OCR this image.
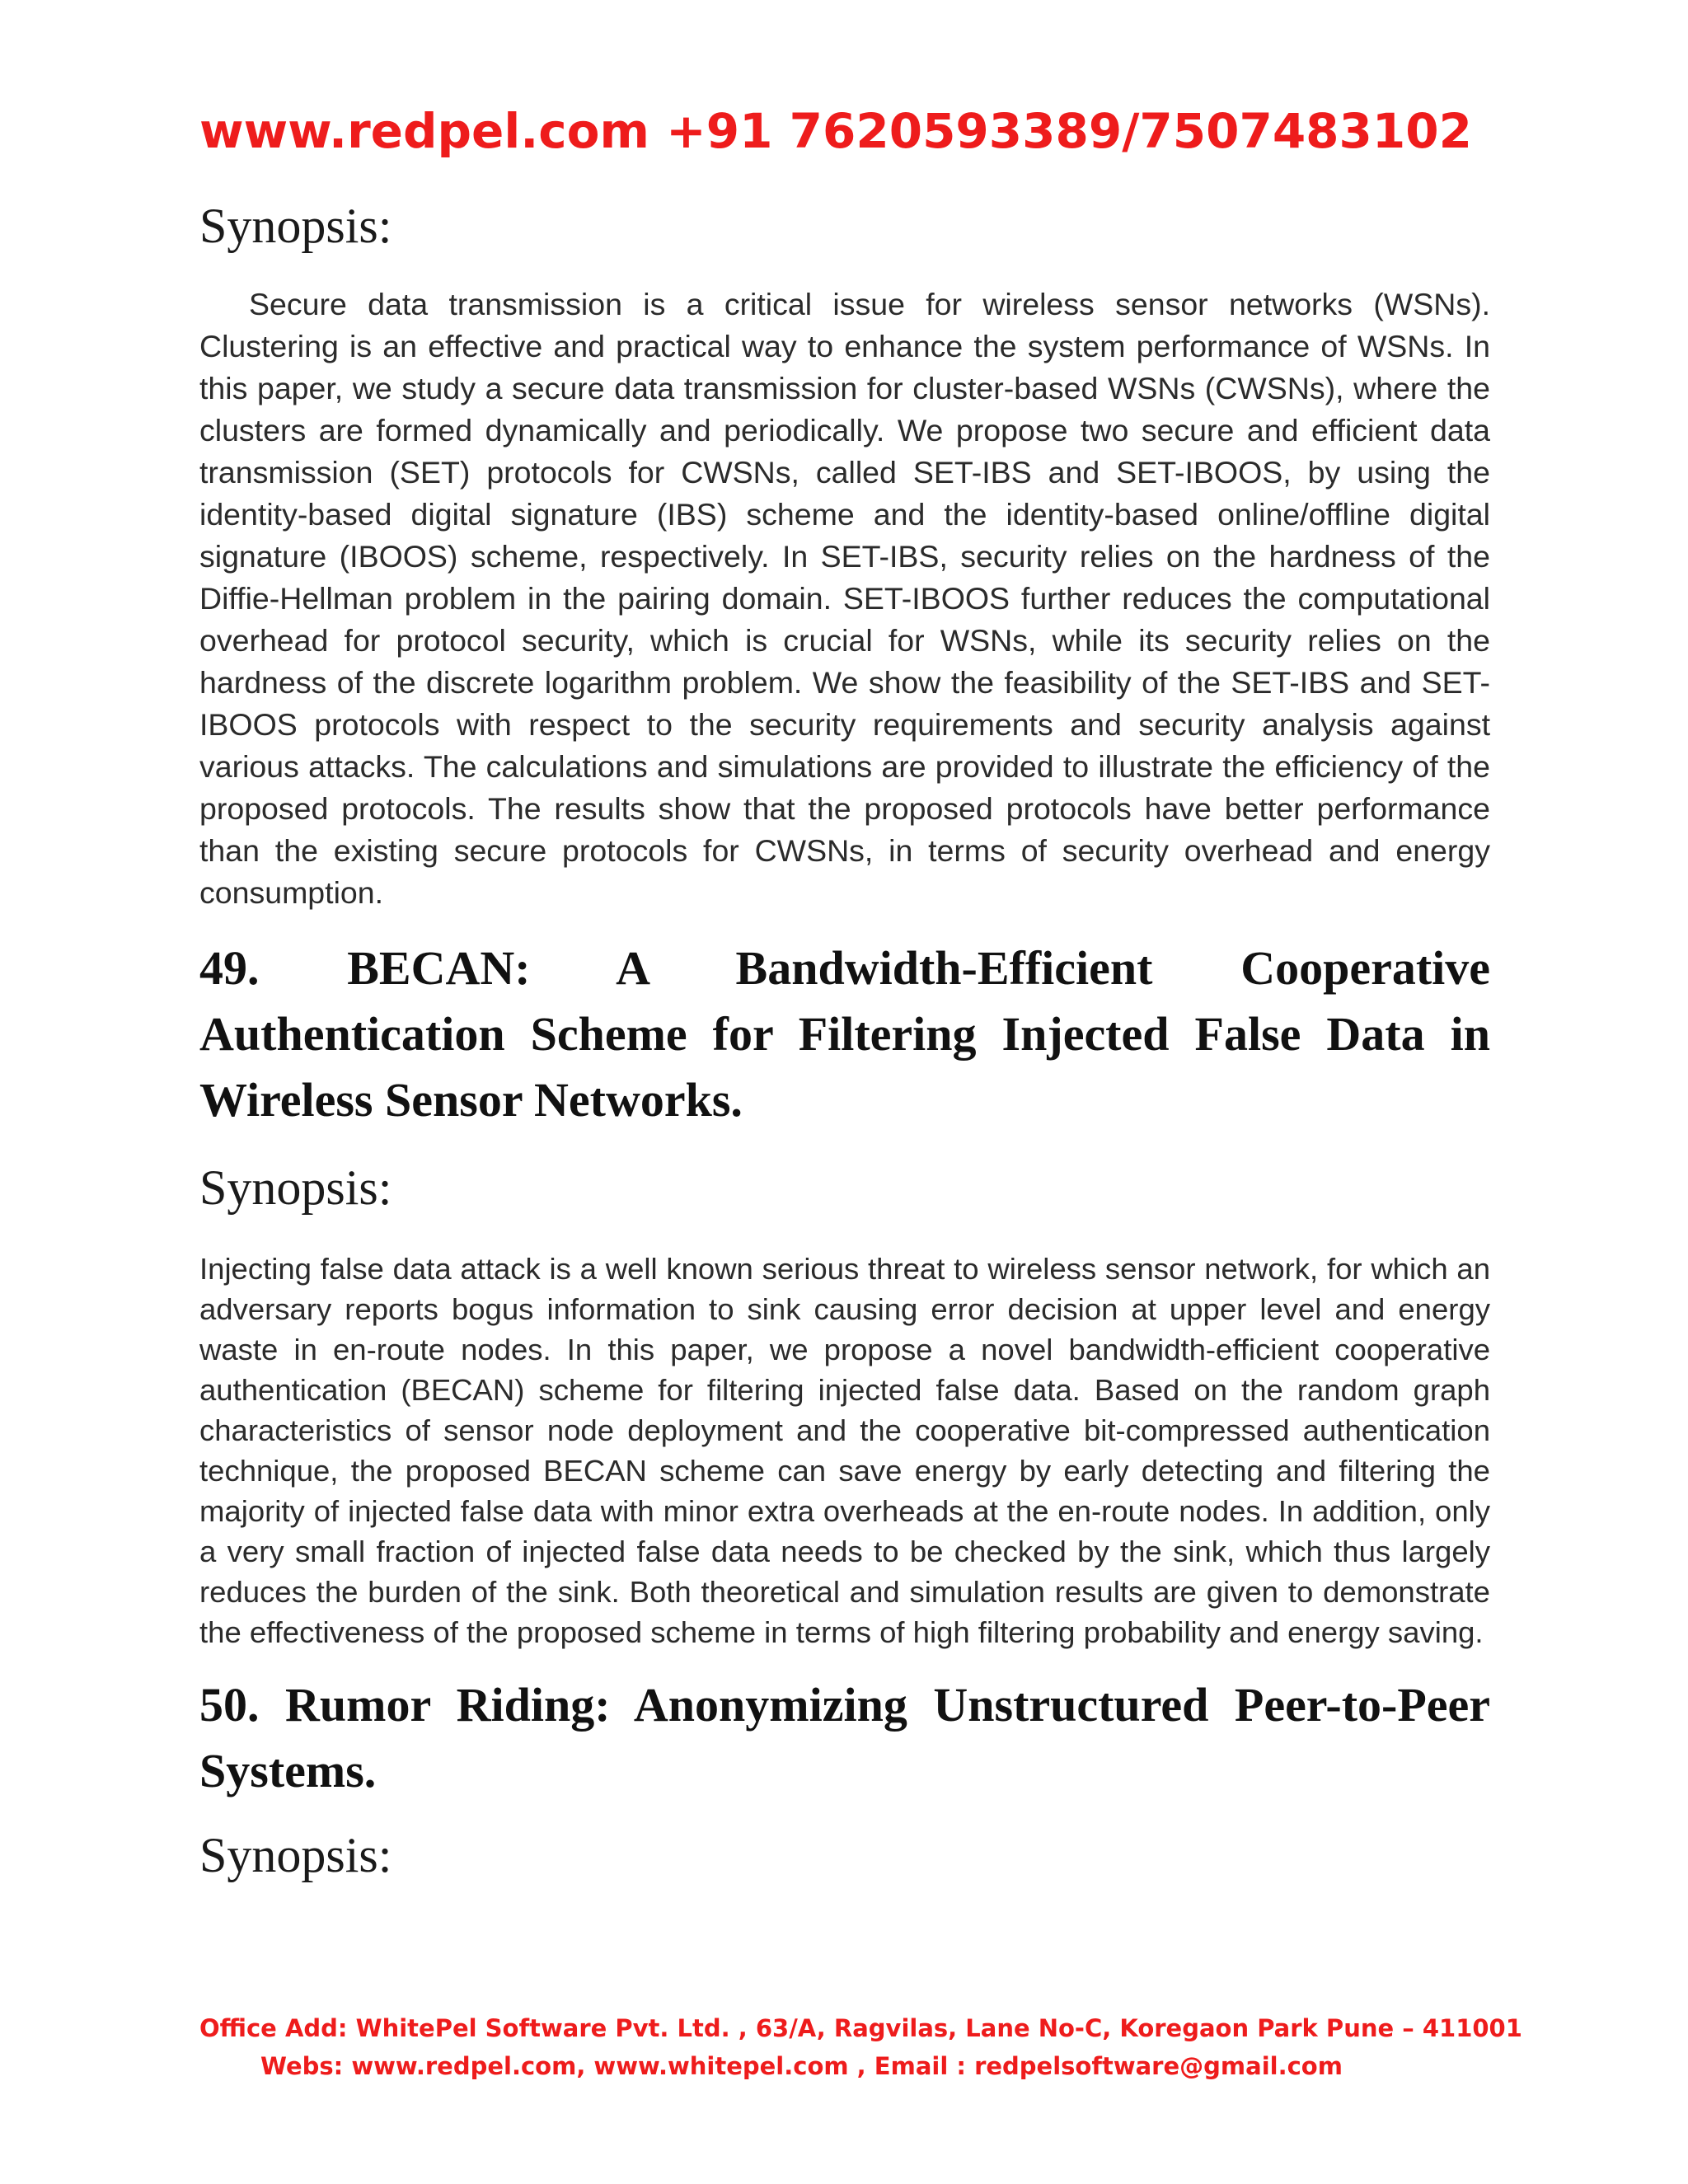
www.redpel.com +91 7620593389/7507483102

Synopsis:

Secure data transmission is a critical issue for wireless sensor networks (WSNs). Clustering is an effective and practical way to enhance the system performance of WSNs. In this paper, we study a secure data transmission for cluster-based WSNs (CWSNs), where the clusters are formed dynamically and periodically. We propose two secure and efficient data transmission (SET) protocols for CWSNs, called SET-IBS and SET-IBOOS, by using the identity-based digital signature (IBS) scheme and the identity-based online/offline digital signature (IBOOS) scheme, respectively. In SET-IBS, security relies on the hardness of the Diffie-Hellman problem in the pairing domain. SET-IBOOS further reduces the computational overhead for protocol security, which is crucial for WSNs, while its security relies on the hardness of the discrete logarithm problem. We show the feasibility of the SET-IBS and SET-IBOOS protocols with respect to the security requirements and security analysis against various attacks. The calculations and simulations are provided to illustrate the efficiency of the proposed protocols. The results show that the proposed protocols have better performance than the existing secure protocols for CWSNs, in terms of security overhead and energy consumption.

49. BECAN: A Bandwidth-Efficient Cooperative

Authentication Scheme for Filtering Injected False Data in Wireless Sensor Networks.

Synopsis:

Injecting false data attack is a well known serious threat to wireless sensor network, for which an adversary reports bogus information to sink causing error decision at upper level and energy waste in en-route nodes. In this paper, we propose a novel bandwidth-efficient cooperative authentication (BECAN) scheme for filtering injected false data. Based on the random graph characteristics of sensor node deployment and the cooperative bit-compressed authentication technique, the proposed BECAN scheme can save energy by early detecting and filtering the majority of injected false data with minor extra overheads at the en-route nodes. In addition, only a very small fraction of injected false data needs to be checked by the sink, which thus largely reduces the burden of the sink. Both theoretical and simulation results are given to demonstrate the effectiveness of the proposed scheme in terms of high filtering probability and energy saving.

50. Rumor Riding: Anonymizing Unstructured Peer-to-Peer Systems.

Synopsis:

Office Add: WhitePel Software Pvt. Ltd. , 63/A, Ragvilas, Lane No-C, Koregaon Park Pune – 411001
Webs: www.redpel.com, www.whitepel.com , Email : redpelsoftware@gmail.com
